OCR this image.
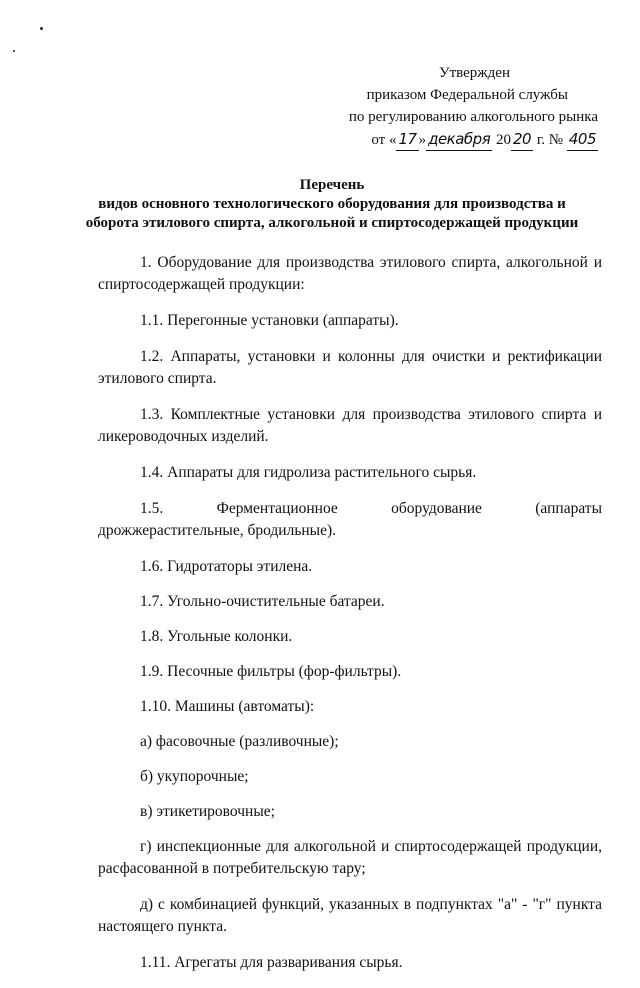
Утвержден
приказом Федеральной службы
по регулированию алкогольного рынка
от « 17 » декабря 20 20 г. № 405
Перечень
видов основного технологического оборудования для производства и
оборота этилового спирта, алкогольной и спиртосодержащей продукции

1. Оборудование для производства этилового спирта, алкогольной и спиртосодержащей продукции:

1.1. Перегонные установки (аппараты).

1.2. Аппараты, установки и колонны для очистки и ректификации этилового спирта.

1.3. Комплектные установки для производства этилового спирта и ликероводочных изделий.

1.4. Аппараты для гидролиза растительного сырья.

1.5. Ферментационное оборудование (аппараты дрожжерастительные, бродильные).

1.6. Гидротаторы этилена.

1.7. Угольно-очистительные батареи.

1.8. Угольные колонки.

1.9. Песочные фильтры (фор-фильтры).

1.10. Машины (автоматы):

а) фасовочные (разливочные);

б) укупорочные;

в) этикетировочные;

г) инспекционные для алкогольной и спиртосодержащей продукции, расфасованной в потребительскую тару;

д) с комбинацией функций, указанных в подпунктах "а" - "г" пункта настоящего пункта.

1.11. Агрегаты для разваривания сырья.
